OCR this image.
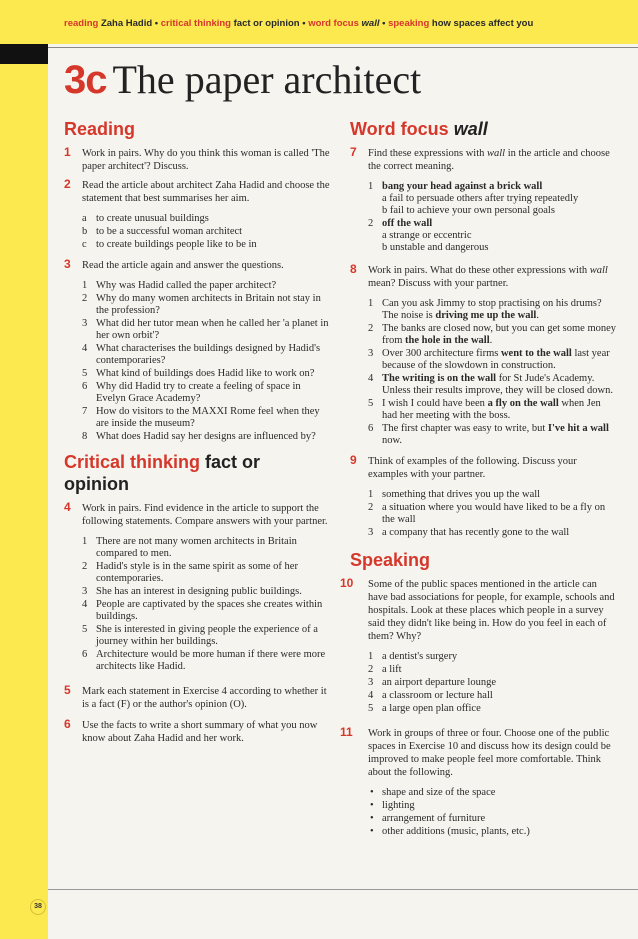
reading Zaha Hadid • critical thinking fact or opinion • word focus wall • speaking how spaces affect you
3c The paper architect
Reading
1 Work in pairs. Why do you think this woman is called 'The paper architect'? Discuss.
2 Read the article about architect Zaha Hadid and choose the statement that best summarises her aim.
a to create unusual buildings
b to be a successful woman architect
c to create buildings people like to be in
3 Read the article again and answer the questions.
1 Why was Hadid called the paper architect?
2 Why do many women architects in Britain not stay in the profession?
3 What did her tutor mean when he called her 'a planet in her own orbit'?
4 What characterises the buildings designed by Hadid's contemporaries?
5 What kind of buildings does Hadid like to work on?
6 Why did Hadid try to create a feeling of space in Evelyn Grace Academy?
7 How do visitors to the MAXXI Rome feel when they are inside the museum?
8 What does Hadid say her designs are influenced by?
Critical thinking fact or opinion
4 Work in pairs. Find evidence in the article to support the following statements. Compare answers with your partner.
1 There are not many women architects in Britain compared to men.
2 Hadid's style is in the same spirit as some of her contemporaries.
3 She has an interest in designing public buildings.
4 People are captivated by the spaces she creates within buildings.
5 She is interested in giving people the experience of a journey within her buildings.
6 Architecture would be more human if there were more architects like Hadid.
5 Mark each statement in Exercise 4 according to whether it is a fact (F) or the author's opinion (O).
6 Use the facts to write a short summary of what you now know about Zaha Hadid and her work.
Word focus wall
7 Find these expressions with wall in the article and choose the correct meaning.
1 bang your head against a brick wall
a fail to persuade others after trying repeatedly
b fail to achieve your own personal goals
2 off the wall
a strange or eccentric
b unstable and dangerous
8 Work in pairs. What do these other expressions with wall mean? Discuss with your partner.
1 Can you ask Jimmy to stop practising on his drums? The noise is driving me up the wall.
2 The banks are closed now, but you can get some money from the hole in the wall.
3 Over 300 architecture firms went to the wall last year because of the slowdown in construction.
4 The writing is on the wall for St Jude's Academy. Unless their results improve, they will be closed down.
5 I wish I could have been a fly on the wall when Jen had her meeting with the boss.
6 The first chapter was easy to write, but I've hit a wall now.
9 Think of examples of the following. Discuss your examples with your partner.
1 something that drives you up the wall
2 a situation where you would have liked to be a fly on the wall
3 a company that has recently gone to the wall
Speaking
10 Some of the public spaces mentioned in the article can have bad associations for people, for example, schools and hospitals. Look at these places which people in a survey said they didn't like being in. How do you feel in each of them? Why?
1 a dentist's surgery
2 a lift
3 an airport departure lounge
4 a classroom or lecture hall
5 a large open plan office
11 Work in groups of three or four. Choose one of the public spaces in Exercise 10 and discuss how its design could be improved to make people feel more comfortable. Think about the following.
• shape and size of the space
• lighting
• arrangement of furniture
• other additions (music, plants, etc.)
38
